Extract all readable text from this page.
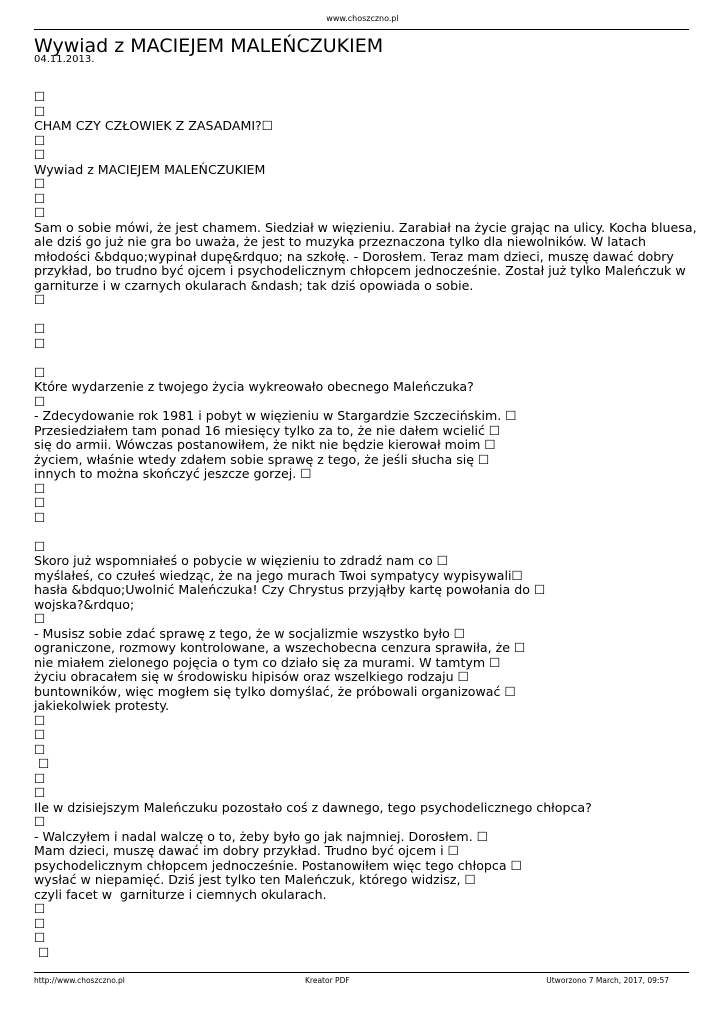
www.choszczno.pl
Wywiad z MACIEJEM MALEŃCZUKIEM
04.11.2013.
☐
☐
CHAM CZY CZŁOWIEK Z ZASADAMI?☐
☐
☐
Wywiad z MACIEJEM MALEŃCZUKIEM
☐
☐
☐
Sam o sobie mówi, że jest chamem. Siedział w więzieniu. Zarabiał na życie grając na ulicy. Kocha bluesa,
ale dziś go już nie gra bo uważa, że jest to muzyka przeznaczona tylko dla niewolników. W latach
młodości &bdquo;wypinał dupę&rdquo; na szkołę. - Dorosłem. Teraz mam dzieci, muszę dawać dobry
przykład, bo trudno być ojcem i psychodelicznym chłopcem jednocześnie. Został już tylko Maleńczuk w
garniturze i w czarnych okularach &ndash; tak dziś opowiada o sobie.
☐
☐
☐
☐
Które wydarzenie z twojego życia wykreowało obecnego Maleńczuka?
☐
- Zdecydowanie rok 1981 i pobyt w więzieniu w Stargardzie Szczecińskim. ☐
Przesiedziałem tam ponad 16 miesięcy tylko za to, że nie dałem wcielić ☐
się do armii. Wówczas postanowiłem, że nikt nie będzie kierował moim ☐
życiem, właśnie wtedy zdałem sobie sprawę z tego, że jeśli słucha się ☐
innych to można skończyć jeszcze gorzej. ☐
☐
☐
☐
☐
Skoro już wspomniałeś o pobycie w więzieniu to zdradź nam co ☐
myślałeś, co czułeś wiedząc, że na jego murach Twoi sympatycy wypisywali☐
hasła &bdquo;Uwolnić Maleńczuka! Czy Chrystus przyjąłby kartę powołania do ☐
wojska?&rdquo;
☐
- Musisz sobie zdać sprawę z tego, że w socjalizmie wszystko było ☐
ograniczone, rozmowy kontrolowane, a wszechobecna cenzura sprawiła, że ☐
nie miałem zielonego pojęcia o tym co działo się za murami. W tamtym ☐
życiu obracałem się w środowisku hipisów oraz wszelkiego rodzaju ☐
buntowników, więc mogłem się tylko domyślać, że próbowali organizować ☐
jakiekolwiek protesty.
☐
☐
☐
☐
☐
☐
Ile w dzisiejszym Maleńczuku pozostało coś z dawnego, tego psychodelicznego chłopca?
☐
- Walczyłem i nadal walczę o to, żeby było go jak najmniej. Dorosłem. ☐
Mam dzieci, muszę dawać im dobry przykład. Trudno być ojcem i ☐
psychodelicznym chłopcem jednocześnie. Postanowiłem więc tego chłopca ☐
wysłać w niepamięć. Dziś jest tylko ten Maleńczuk, którego widzisz, ☐
czyli facet w  garniturze i ciemnych okularach.
☐
☐
☐
☐
http://www.choszczno.pl	Kreator PDF	Utworzono 7 March, 2017, 09:57
